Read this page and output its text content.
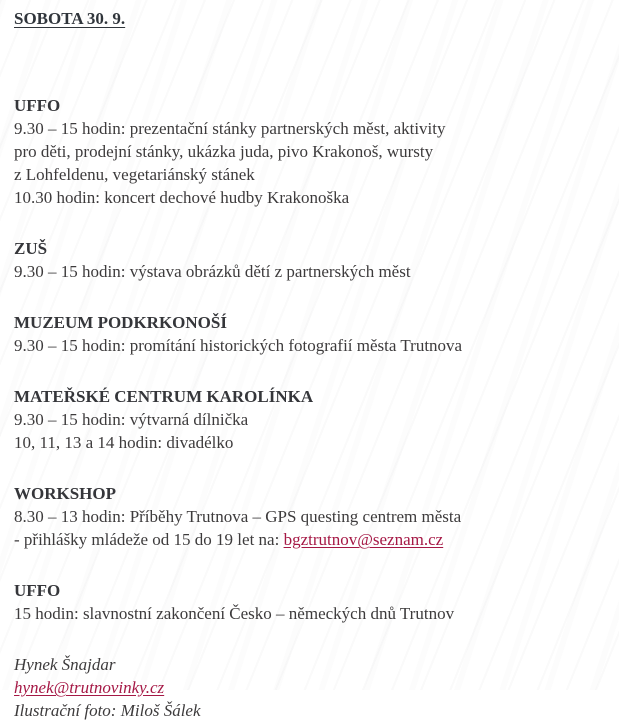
SOBOTA 30. 9.
UFFO
9.30 – 15 hodin: prezentační stánky partnerských měst, aktivity
pro děti, prodejní stánky, ukázka juda, pivo Krakonoš, wursty
z Lohfeldenu, vegetariánský stánek
10.30 hodin: koncert dechové hudby Krakonoška
ZUŠ
9.30 – 15 hodin: výstava obrázků dětí z partnerských měst
MUZEUM PODKRKONOŠÍ
9.30 – 15 hodin: promítání historických fotografií města Trutnova
MATEŘSKÉ CENTRUM KAROLÍNKA
9.30 – 15 hodin: výtvarná dílnička
10, 11, 13 a 14 hodin: divadélko
WORKSHOP
8.30 – 13 hodin: Příběhy Trutnova – GPS questing centrem města
- přihlášky mládeže od 15 do 19 let na: bgztrutnov@seznam.cz
UFFO
15 hodin: slavnostní zakončení Česko – německých dnů Trutnov
Hynek Šnajdar
hynek@trutnovinky.cz
Ilustrační foto: Miloš Šálek
